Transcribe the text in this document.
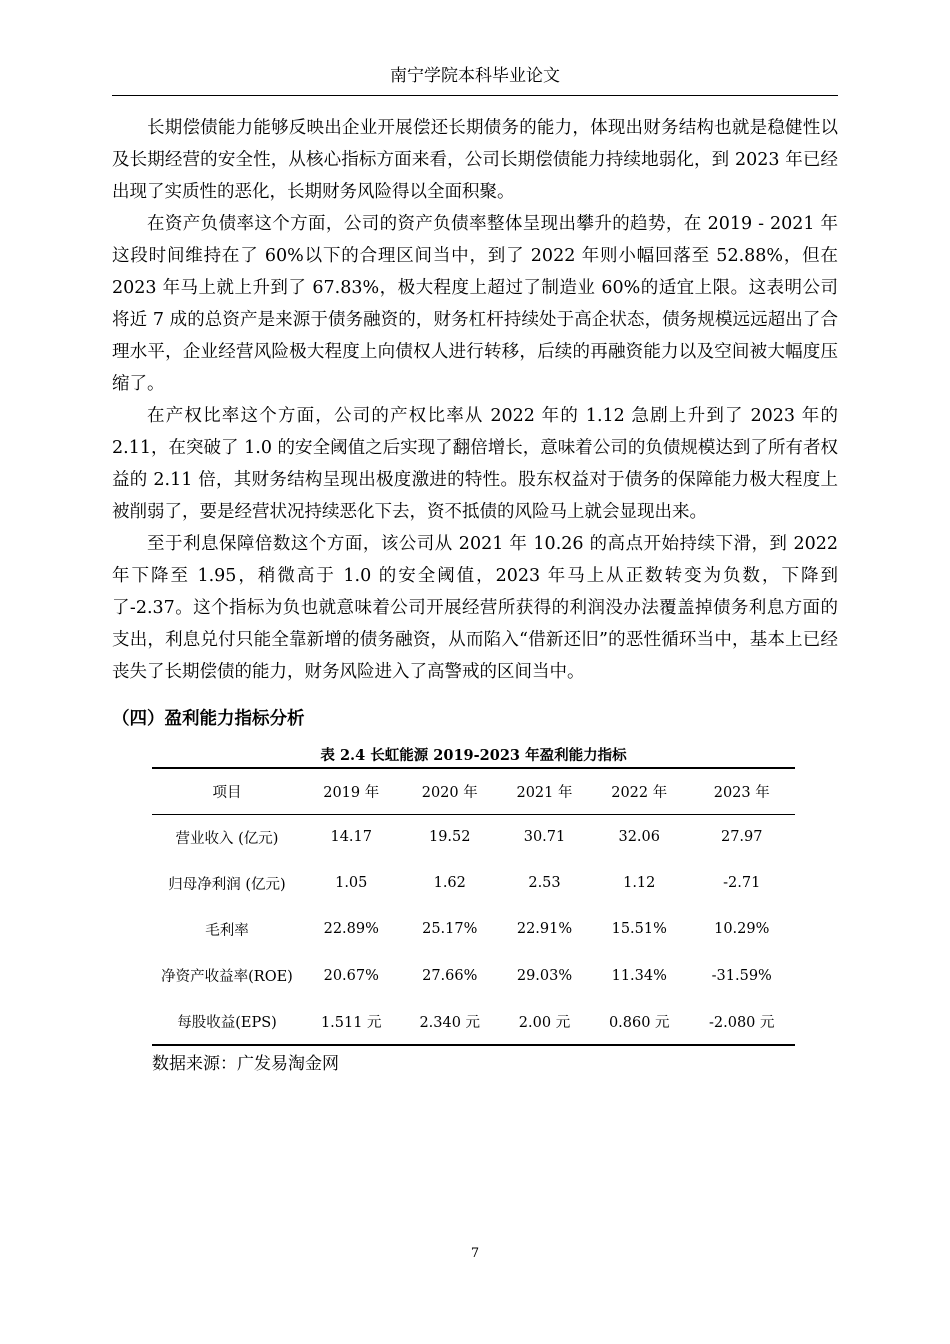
南宁学院本科毕业论文

长期偿债能力能够反映出企业开展偿还长期债务的能力，体现出财务结构也就是稳健性以及长期经营的安全性，从核心指标方面来看，公司长期偿债能力持续地弱化，到 2023 年已经出现了实质性的恶化，长期财务风险得以全面积聚。

在资产负债率这个方面，公司的资产负债率整体呈现出攀升的趋势，在 2019 - 2021 年这段时间维持在了 60%以下的合理区间当中，到了 2022 年则小幅回落至 52.88%，但在 2023 年马上就上升到了 67.83%，极大程度上超过了制造业 60%的适宜上限。这表明公司将近 7 成的总资产是来源于债务融资的，财务杠杆持续处于高企状态，债务规模远远超出了合理水平，企业经营风险极大程度上向债权人进行转移，后续的再融资能力以及空间被大幅度压缩了。

在产权比率这个方面，公司的产权比率从 2022 年的 1.12 急剧上升到了 2023 年的 2.11，在突破了 1.0 的安全阈值之后实现了翻倍增长，意味着公司的负债规模达到了所有者权益的 2.11 倍，其财务结构呈现出极度激进的特性。股东权益对于债务的保障能力极大程度上被削弱了，要是经营状况持续恶化下去，资不抵债的风险马上就会显现出来。

至于利息保障倍数这个方面，该公司从 2021 年 10.26 的高点开始持续下滑，到 2022 年下降至 1.95，稍微高于 1.0 的安全阈值，2023 年马上从正数转变为负数，下降到了-2.37。这个指标为负也就意味着公司开展经营所获得的利润没办法覆盖掉债务利息方面的支出，利息兑付只能全靠新增的债务融资，从而陷入“借新还旧”的恶性循环当中，基本上已经丧失了长期偿债的能力，财务风险进入了高警戒的区间当中。

（四）盈利能力指标分析
表 2.4 长虹能源 2019-2023 年盈利能力指标
项目	2019 年	2020 年	2021 年	2022 年	2023 年
营业收入 (亿元)	14.17	19.52	30.71	32.06	27.97
归母净利润 (亿元)	1.05	1.62	2.53	1.12	-2.71
毛利率	22.89%	25.17%	22.91%	15.51%	10.29%
净资产收益率(ROE)	20.67%	27.66%	29.03%	11.34%	-31.59%
每股收益(EPS)	1.511 元	2.340 元	2.00 元	0.860 元	-2.080 元
数据来源：广发易淘金网
7
